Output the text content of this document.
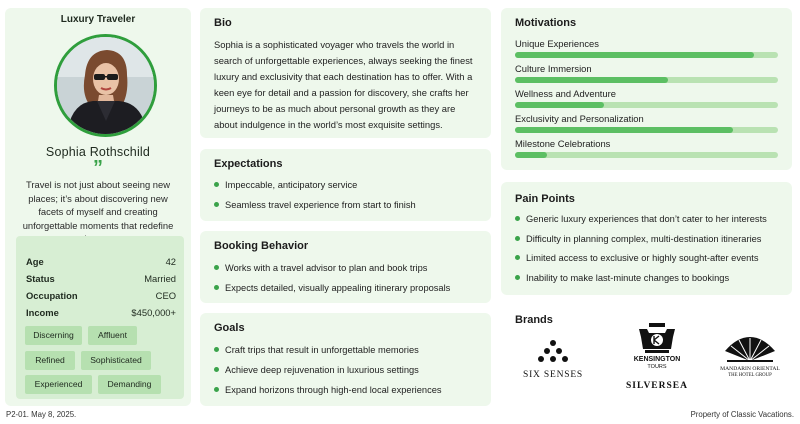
Luxury Traveler
Sophia Rothschild
”
Travel is not just about seeing new places; it’s about discovering new facets of myself and creating unforgettable moments that redefine
Age	42
Status	Married
Occupation	CEO
Income	$450,000+
Discerning	Affluent
Refined	Sophisticated
Experienced	Demanding
Bio
Sophia is a sophisticated voyager who travels the world in search of unforgettable experiences, always seeking the finest luxury and exclusivity that each destination has to offer. With a keen eye for detail and a passion for discovery, she crafts her journeys to be as much about personal growth as they are about indulgence in the world’s most exquisite settings.
Expectations
Impeccable, anticipatory service
Seamless travel experience from start to finish
Booking Behavior
Works with a travel advisor to plan and book trips
Expects detailed, visually appealing itinerary proposals
Goals
Craft trips that result in unforgettable memories
Achieve deep rejuvenation in luxurious settings
Expand horizons through high-end local experiences
Motivations
Unique Experiences
Culture Immersion
Wellness and Adventure
Exclusivity and Personalization
Milestone Celebrations
Pain Points
Generic luxury experiences that don’t cater to her interests
Difficulty in planning complex, multi-destination itineraries
Limited access to exclusive or highly sought-after events
Inability to make last-minute changes to bookings
Brands
SIX SENSES
KENSINGTON
TOURS
SILVERSEA
MANDARIN ORIENTAL
THE HOTEL GROUP
P2-01. May 8, 2025.	Property of Classic Vacations.
